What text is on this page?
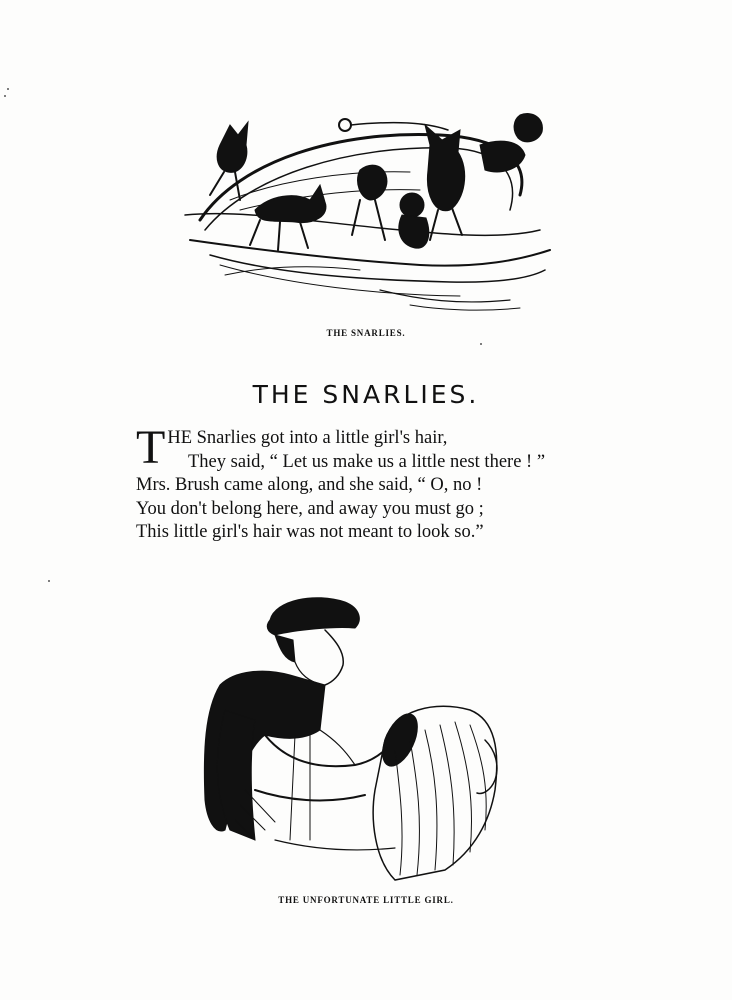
THE SNARLIES.
THE SNARLIES.
THE Snarlies got into a little girl's hair,
They said, “ Let us make us a little nest there ! ”
Mrs. Brush came along, and she said, “ O, no !
You don't belong here, and away you must go ;
This little girl's hair was not meant to look so.”
THE UNFORTUNATE LITTLE GIRL.
